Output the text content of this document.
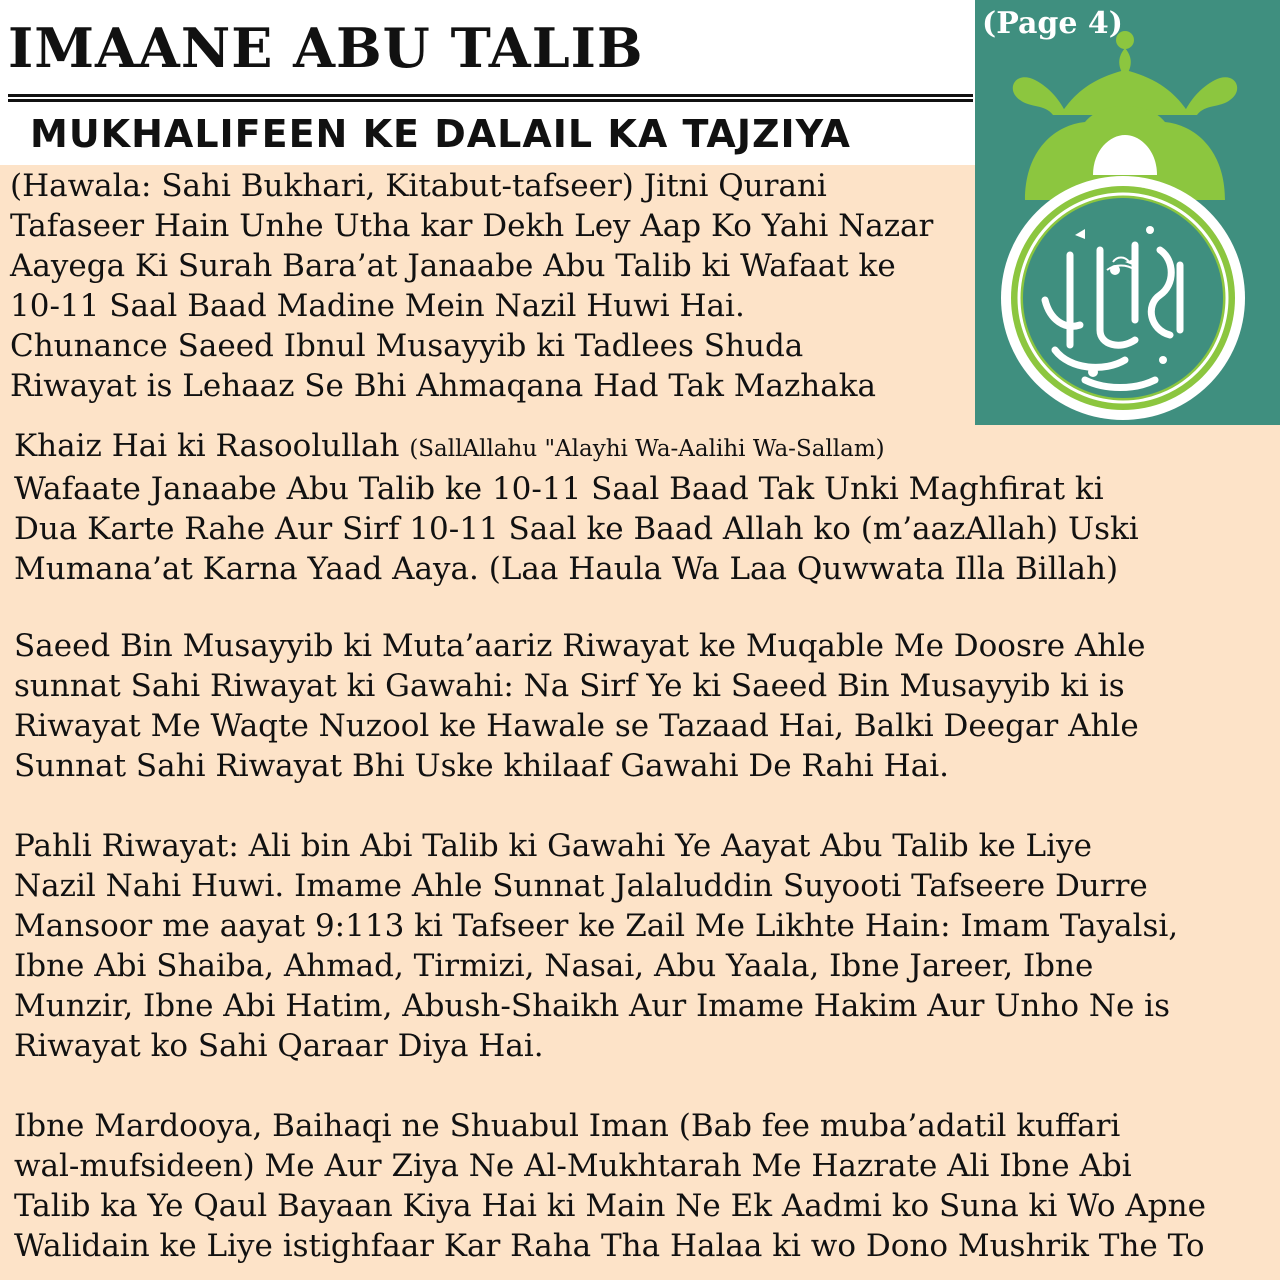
IMAANE ABU TALIB
MUKHALIFEEN KE DALAIL KA TAJZIYA
(Page 4)
(Hawala: Sahi Bukhari, Kitabut-tafseer) Jitni Qurani
Tafaseer Hain Unhe Utha kar Dekh Ley Aap Ko Yahi Nazar
Aayega Ki Surah Bara’at Janaabe Abu Talib ki Wafaat ke
10-11 Saal Baad Madine Mein Nazil Huwi Hai.
Chunance Saeed Ibnul Musayyib ki Tadlees Shuda
Riwayat is Lehaaz Se Bhi Ahmaqana Had Tak Mazhaka
Khaiz Hai ki Rasoolullah (SallAllahu "Alayhi Wa-Aalihi Wa-Sallam)
Wafaate Janaabe Abu Talib ke 10-11 Saal Baad Tak Unki Maghfirat ki
Dua Karte Rahe Aur Sirf 10-11 Saal ke Baad Allah ko (m’aazAllah) Uski
Mumana’at Karna Yaad Aaya. (Laa Haula Wa Laa Quwwata Illa Billah)
Saeed Bin Musayyib ki Muta’aariz Riwayat ke Muqable Me Doosre Ahle
sunnat Sahi Riwayat ki Gawahi: Na Sirf Ye ki Saeed Bin Musayyib ki is
Riwayat Me Waqte Nuzool ke Hawale se Tazaad Hai, Balki Deegar Ahle
Sunnat Sahi Riwayat Bhi Uske khilaaf Gawahi De Rahi Hai.
Pahli Riwayat: Ali bin Abi Talib ki Gawahi Ye Aayat Abu Talib ke Liye
Nazil Nahi Huwi. Imame Ahle Sunnat Jalaluddin Suyooti Tafseere Durre
Mansoor me aayat 9:113 ki Tafseer ke Zail Me Likhte Hain: Imam Tayalsi,
Ibne Abi Shaiba, Ahmad, Tirmizi, Nasai, Abu Yaala, Ibne Jareer, Ibne
Munzir, Ibne Abi Hatim, Abush-Shaikh Aur Imame Hakim Aur Unho Ne is
Riwayat ko Sahi Qaraar Diya Hai.
Ibne Mardooya, Baihaqi ne Shuabul Iman (Bab fee muba’adatil kuffari
wal-mufsideen) Me Aur Ziya Ne Al-Mukhtarah Me Hazrate Ali Ibne Abi
Talib ka Ye Qaul Bayaan Kiya Hai ki Main Ne Ek Aadmi ko Suna ki Wo Apne
Walidain ke Liye istighfaar Kar Raha Tha Halaa ki wo Dono Mushrik The To
